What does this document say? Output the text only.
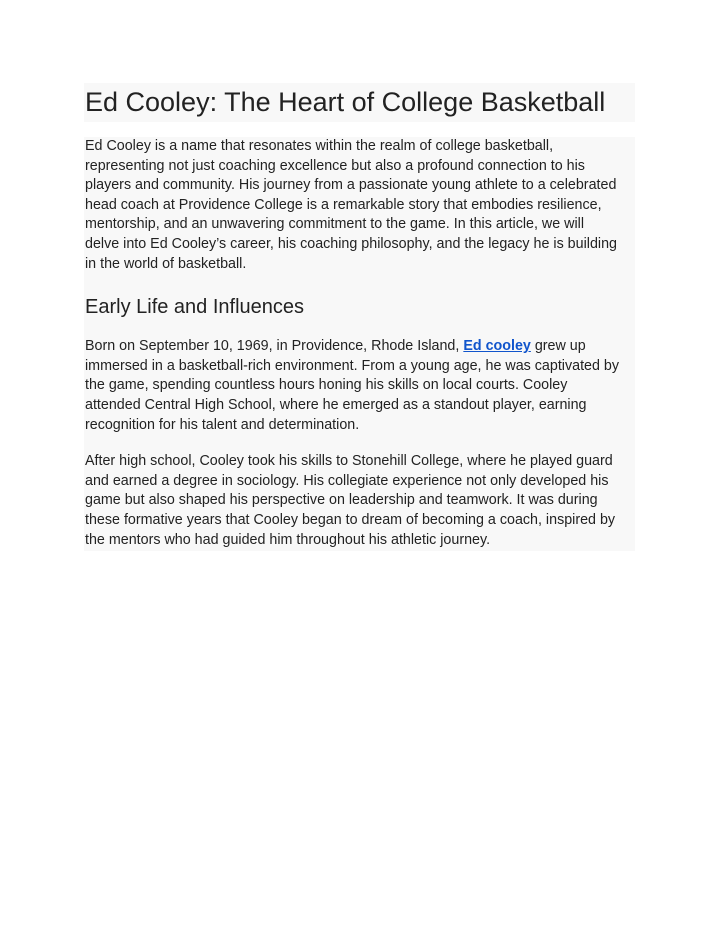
Ed Cooley: The Heart of College Basketball

Ed Cooley is a name that resonates within the realm of college basketball,
representing not just coaching excellence but also a profound connection to his
players and community. His journey from a passionate young athlete to a celebrated
head coach at Providence College is a remarkable story that embodies resilience,
mentorship, and an unwavering commitment to the game. In this article, we will
delve into Ed Cooley’s career, his coaching philosophy, and the legacy he is building
in the world of basketball.

Early Life and Influences

Born on September 10, 1969, in Providence, Rhode Island, Ed cooley grew up
immersed in a basketball-rich environment. From a young age, he was captivated by
the game, spending countless hours honing his skills on local courts. Cooley
attended Central High School, where he emerged as a standout player, earning
recognition for his talent and determination.

After high school, Cooley took his skills to Stonehill College, where he played guard
and earned a degree in sociology. His collegiate experience not only developed his
game but also shaped his perspective on leadership and teamwork. It was during
these formative years that Cooley began to dream of becoming a coach, inspired by
the mentors who had guided him throughout his athletic journey.
